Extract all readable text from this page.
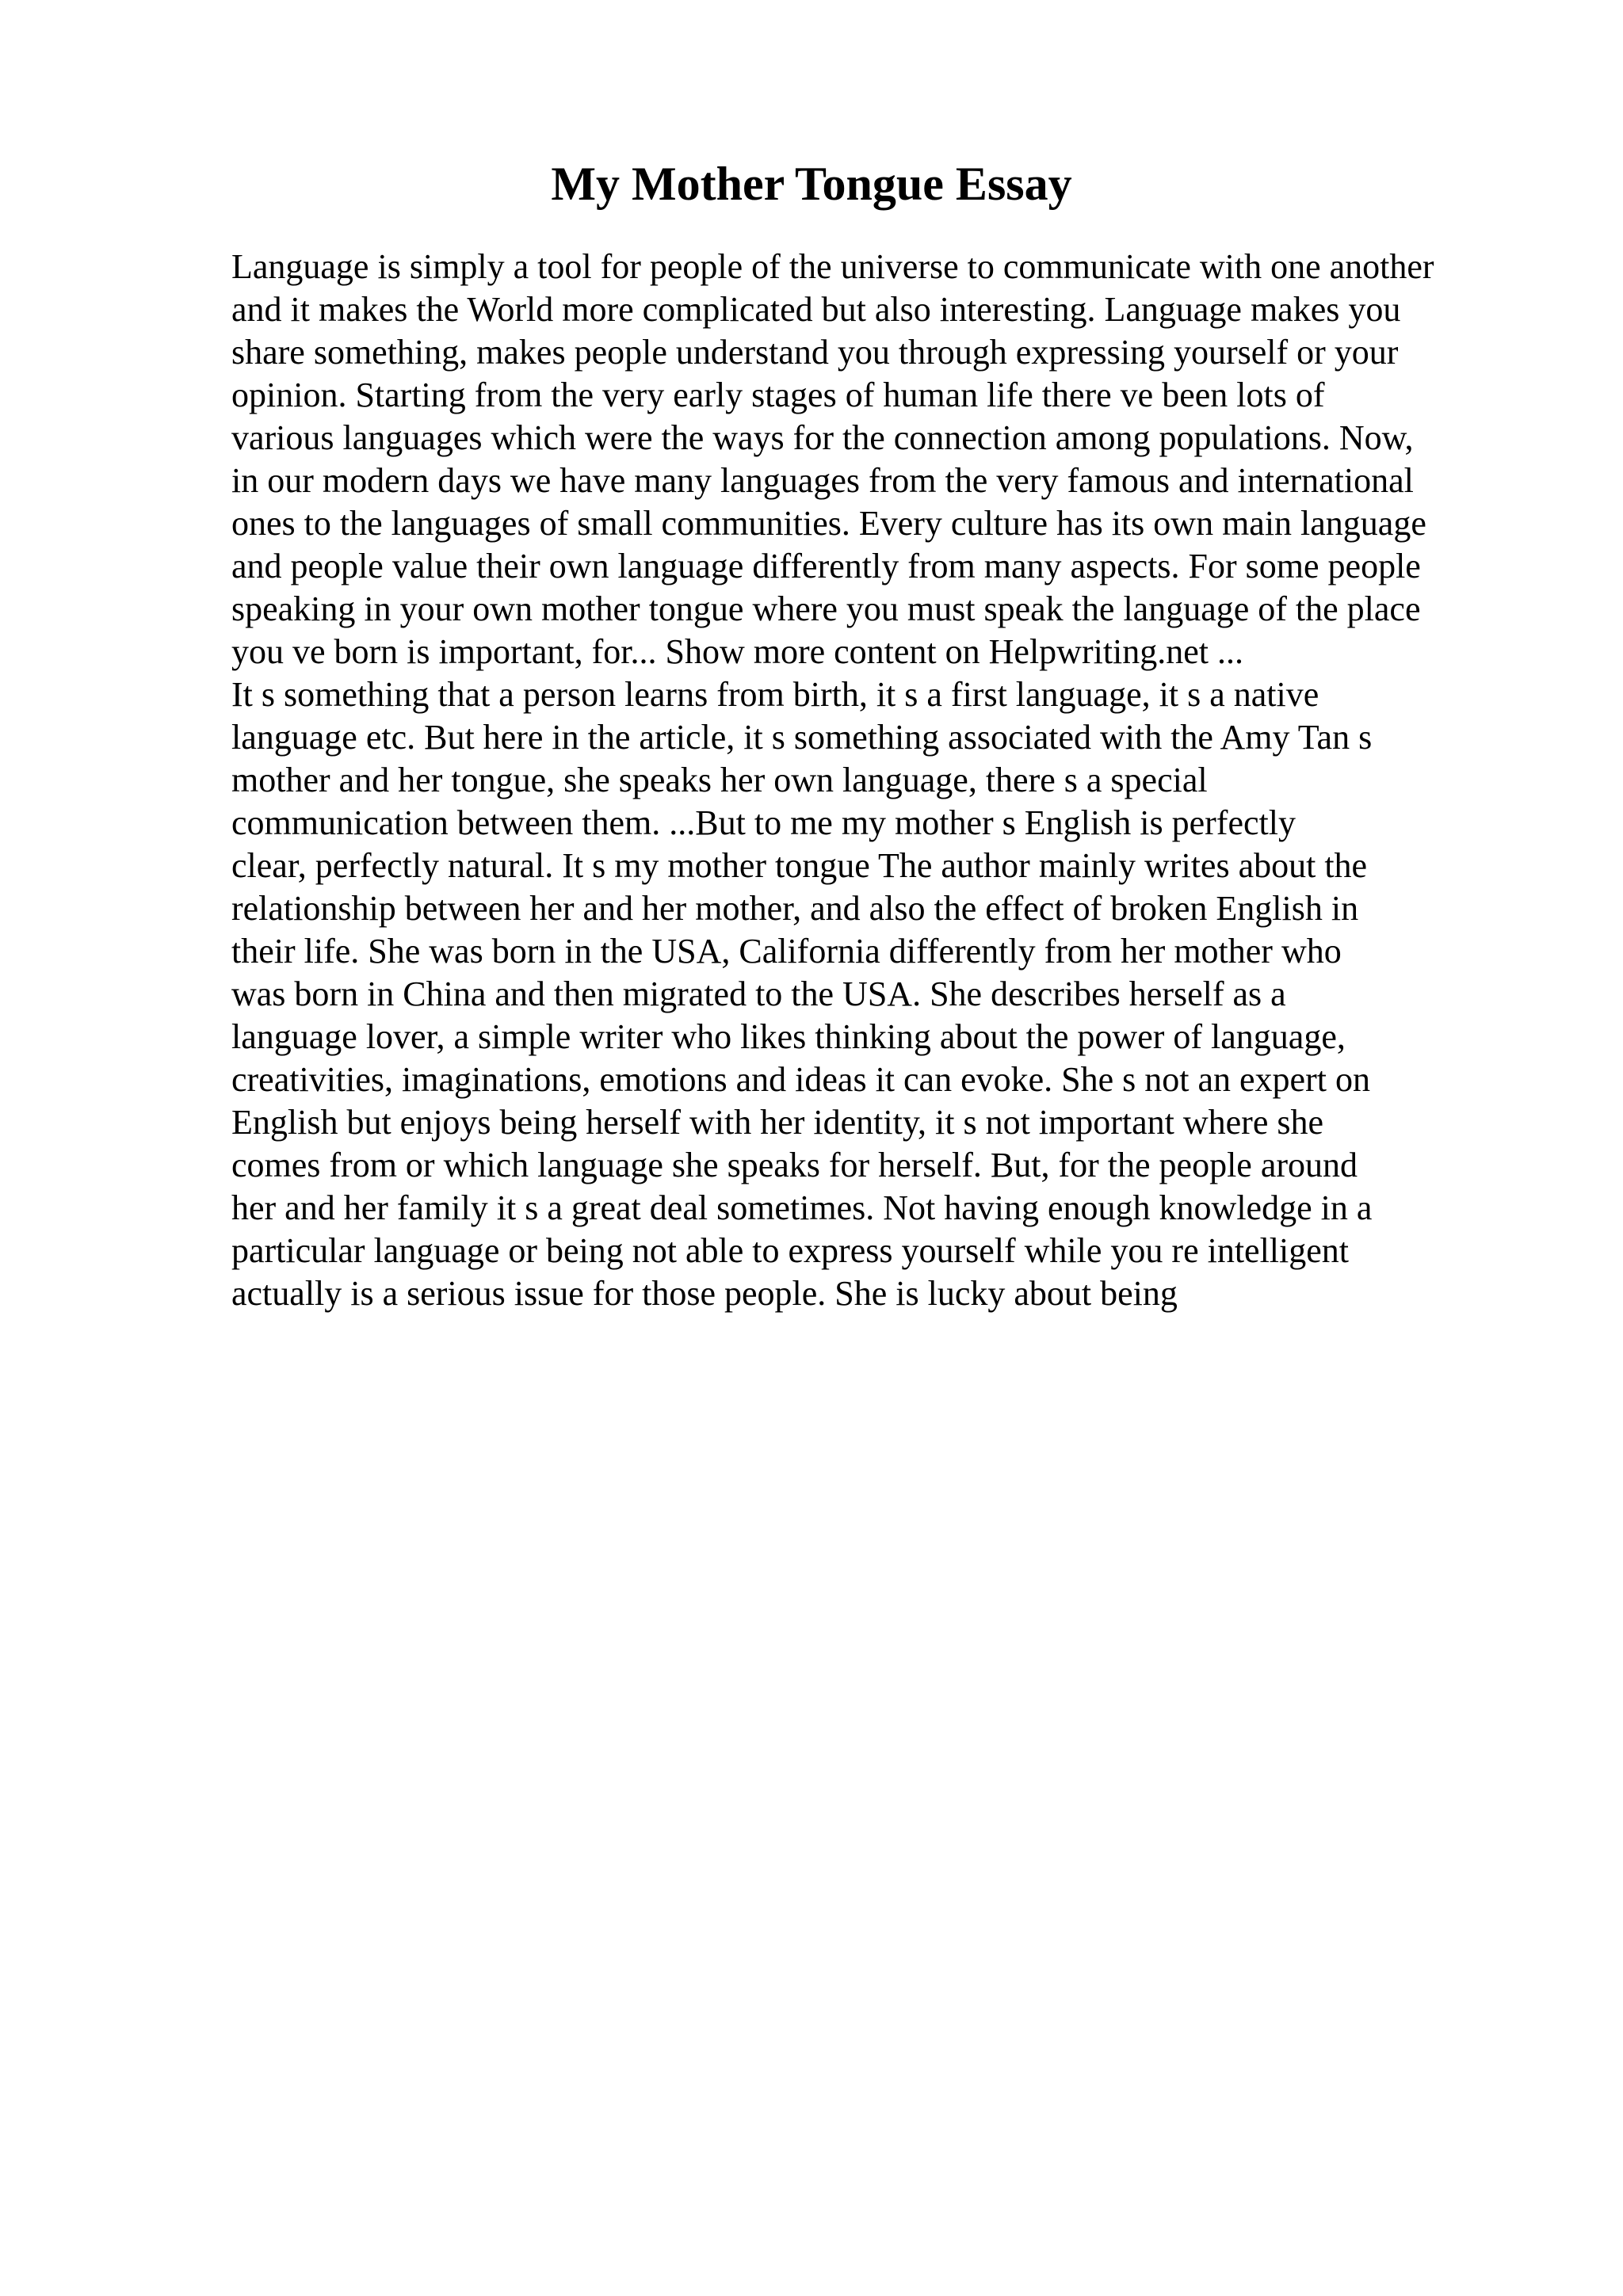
My Mother Tongue Essay
Language is simply a tool for people of the universe to communicate with one another
and it makes the World more complicated but also interesting. Language makes you
share something, makes people understand you through expressing yourself or your
opinion. Starting from the very early stages of human life there ve been lots of
various languages which were the ways for the connection among populations. Now,
in our modern days we have many languages from the very famous and international
ones to the languages of small communities. Every culture has its own main language
and people value their own language differently from many aspects. For some people
speaking in your own mother tongue where you must speak the language of the place
you ve born is important, for... Show more content on Helpwriting.net ...
It s something that a person learns from birth, it s a first language, it s a native
language etc. But here in the article, it s something associated with the Amy Tan s
mother and her tongue, she speaks her own language, there s a special
communication between them. ...But to me my mother s English is perfectly
clear, perfectly natural. It s my mother tongue The author mainly writes about the
relationship between her and her mother, and also the effect of broken English in
their life. She was born in the USA, California differently from her mother who
was born in China and then migrated to the USA. She describes herself as a
language lover, a simple writer who likes thinking about the power of language,
creativities, imaginations, emotions and ideas it can evoke. She s not an expert on
English but enjoys being herself with her identity, it s not important where she
comes from or which language she speaks for herself. But, for the people around
her and her family it s a great deal sometimes. Not having enough knowledge in a
particular language or being not able to express yourself while you re intelligent
actually is a serious issue for those people. She is lucky about being
